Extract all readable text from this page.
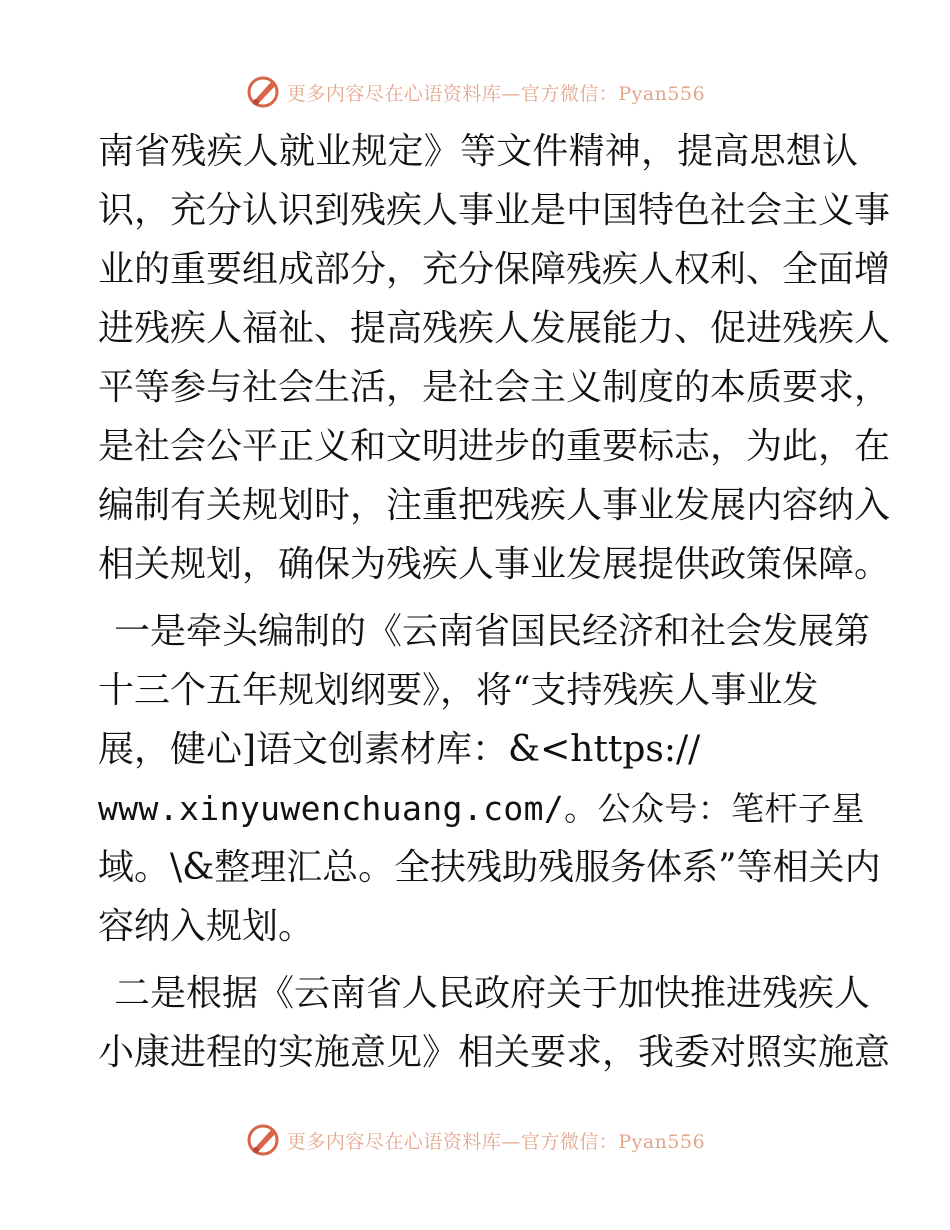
更多内容尽在心语资料库—官方微信：Pyan556
南省残疾人就业规定》等文件精神，提高思想认
识，充分认识到残疾人事业是中国特色社会主义事
业的重要组成部分，充分保障残疾人权利、全面增
进残疾人福祉、提高残疾人发展能力、促进残疾人
平等参与社会生活，是社会主义制度的本质要求，
是社会公平正义和文明进步的重要标志，为此，在
编制有关规划时，注重把残疾人事业发展内容纳入
相关规划，确保为残疾人事业发展提供政策保障。
一是牵头编制的《云南省国民经济和社会发展第
十三个五年规划纲要》，将“支持残疾人事业发
展，健心]语文创素材库：&<https://
www.xinyuwenchuang.com/。公众号：笔杆子星
域。\&整理汇总。全扶残助残服务体系”等相关内
容纳入规划。
二是根据《云南省人民政府关于加快推进残疾人
小康进程的实施意见》相关要求，我委对照实施意
更多内容尽在心语资料库—官方微信：Pyan556
